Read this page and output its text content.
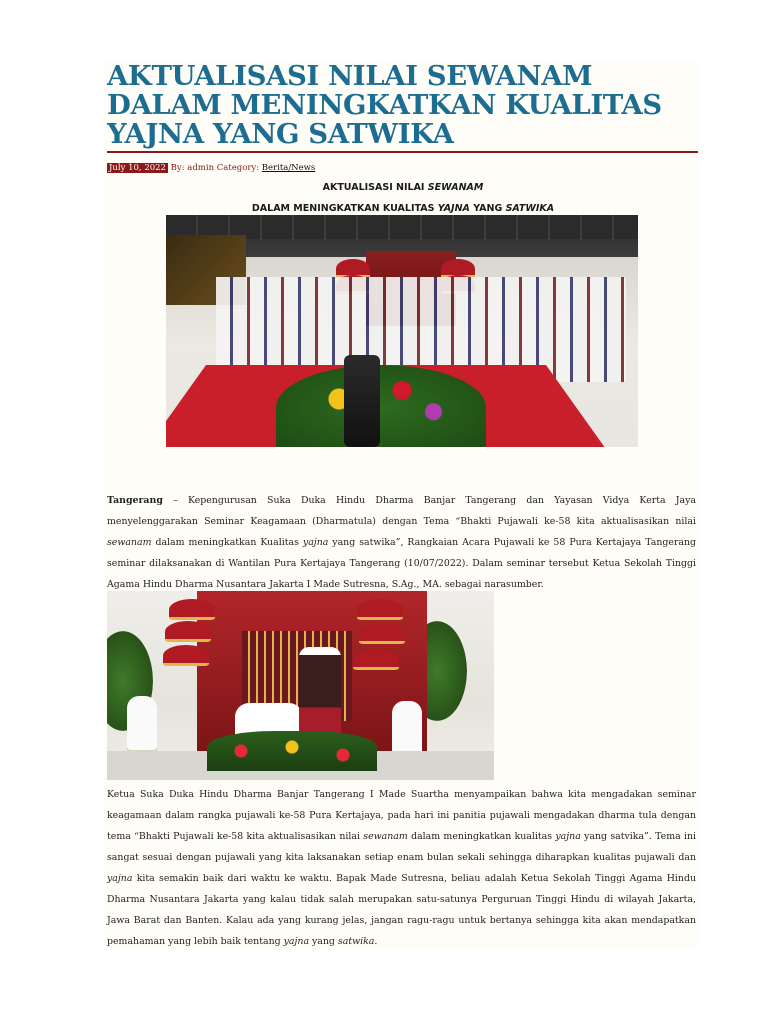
AKTUALISASI NILAI SEWANAM DALAM MENINGKATKAN KUALITAS YAJNA YANG SATWIKA
July 10, 2022 By: admin Category: Berita/News

AKTUALISASI NILAI SEWANAM

DALAM MENINGKATKAN KUALITAS YAJNA YANG SATWIKA

Tangerang – Kepengurusan Suka Duka Hindu Dharma Banjar Tangerang dan Yayasan Vidya Kerta Jaya menyelenggarakan Seminar Keagamaan (Dharmatula) dengan Tema “Bhakti Pujawali ke-58 kita aktualisasikan nilai sewanam dalam meningkatkan Kualitas yajna yang satwika”, Rangkaian Acara Pujawali ke 58 Pura Kertajaya Tangerang seminar dilaksanakan di Wantilan Pura Kertajaya Tangerang (10/07/2022). Dalam seminar tersebut Ketua Sekolah Tinggi Agama Hindu Dharma Nusantara Jakarta I Made Sutresna, S.Ag., MA. sebagai narasumber.

Ketua Suka Duka Hindu Dharma Banjar Tangerang I Made Suartha menyampaikan bahwa kita mengadakan seminar keagamaan dalam rangka pujawali ke-58 Pura Kertajaya, pada hari ini panitia pujawali mengadakan dharma tula dengan tema “Bhakti Pujawali ke-58 kita aktualisasikan nilai sewanam dalam meningkatkan kualitas yajna yang satvika”. Tema ini sangat sesuai dengan pujawali yang kita laksanakan setiap enam bulan sekali sehingga diharapkan kualitas pujawali dan yajna kita semakin baik dari waktu ke waktu. Bapak Made Sutresna, beliau adalah Ketua Sekolah Tinggi Agama Hindu Dharma Nusantara Jakarta yang kalau tidak salah merupakan satu-satunya Perguruan Tinggi Hindu di wilayah Jakarta, Jawa Barat dan Banten. Kalau ada yang kurang jelas, jangan ragu-ragu untuk bertanya sehingga kita akan mendapatkan pemahaman yang lebih baik tentang yajna yang satwika.
